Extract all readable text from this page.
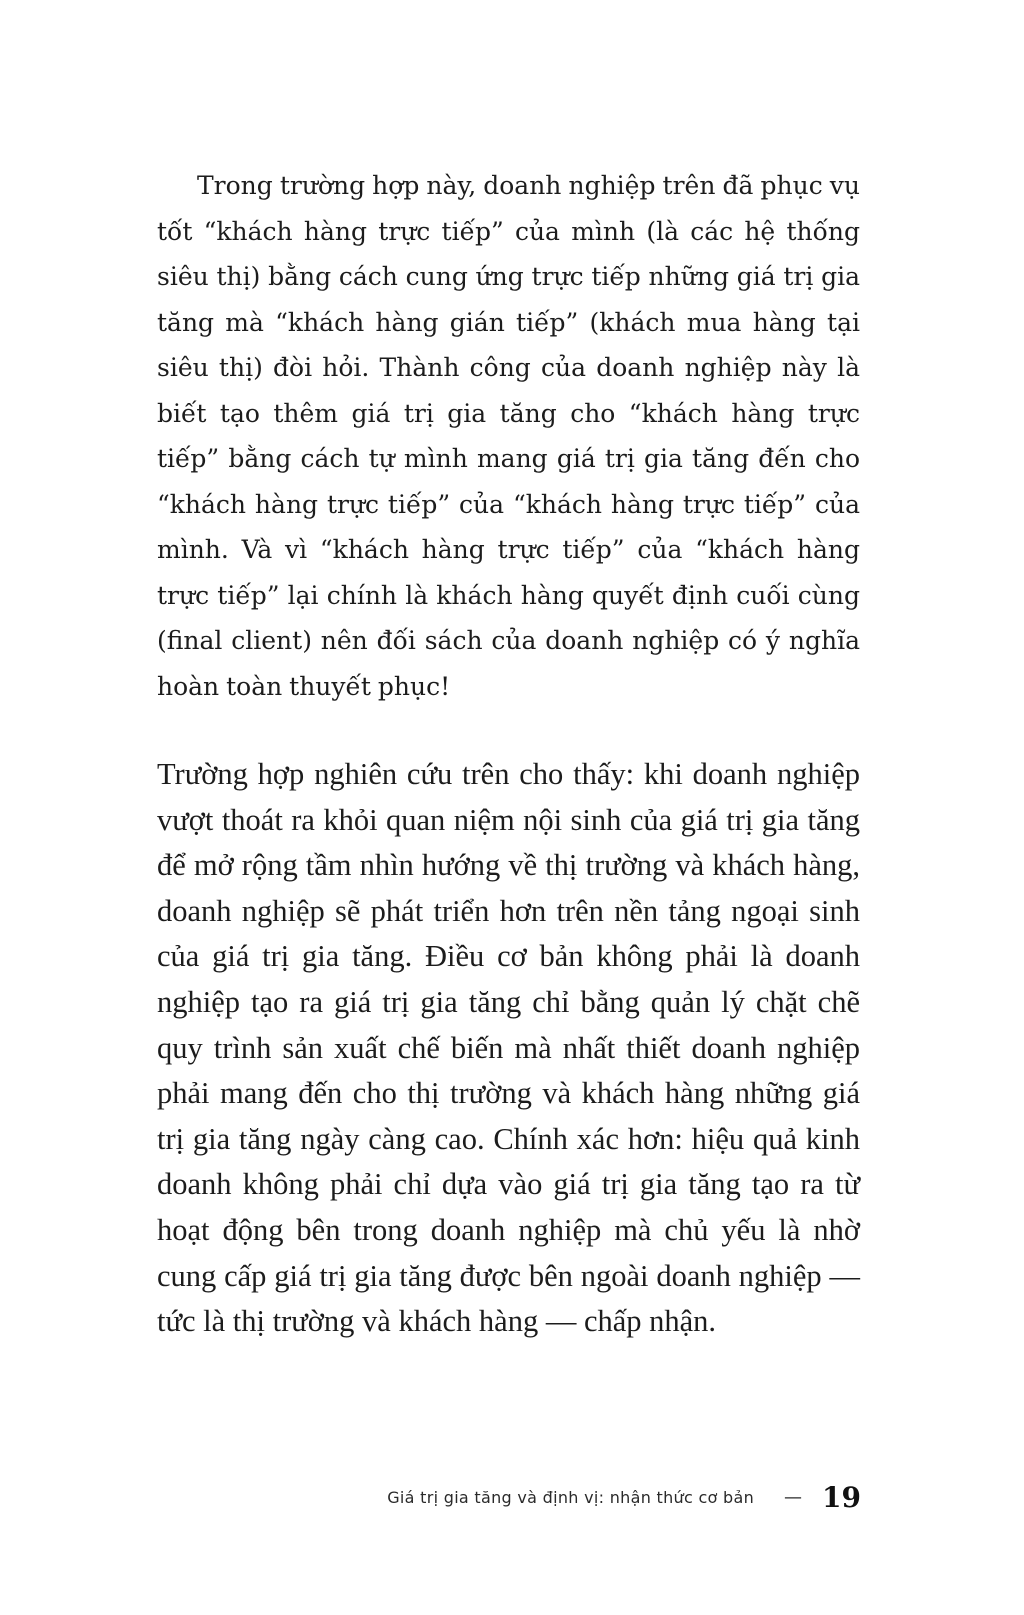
Trong trường hợp này, doanh nghiệp trên đã phục vụ tốt “khách hàng trực tiếp” của mình (là các hệ thống siêu thị) bằng cách cung ứng trực tiếp những giá trị gia tăng mà “khách hàng gián tiếp” (khách mua hàng tại siêu thị) đòi hỏi. Thành công của doanh nghiệp này là biết tạo thêm giá trị gia tăng cho “khách hàng trực tiếp” bằng cách tự mình mang giá trị gia tăng đến cho “khách hàng trực tiếp” của “khách hàng trực tiếp” của mình. Và vì “khách hàng trực tiếp” của “khách hàng trực tiếp” lại chính là khách hàng quyết định cuối cùng (final client) nên đối sách của doanh nghiệp có ý nghĩa hoàn toàn thuyết phục!

Trường hợp nghiên cứu trên cho thấy: khi doanh nghiệp vượt thoát ra khỏi quan niệm nội sinh của giá trị gia tăng để mở rộng tầm nhìn hướng về thị trường và khách hàng, doanh nghiệp sẽ phát triển hơn trên nền tảng ngoại sinh của giá trị gia tăng. Điều cơ bản không phải là doanh nghiệp tạo ra giá trị gia tăng chỉ bằng quản lý chặt chẽ quy trình sản xuất chế biến mà nhất thiết doanh nghiệp phải mang đến cho thị trường và khách hàng những giá trị gia tăng ngày càng cao. Chính xác hơn: hiệu quả kinh doanh không phải chỉ dựa vào giá trị gia tăng tạo ra từ hoạt động bên trong doanh nghiệp mà chủ yếu là nhờ cung cấp giá trị gia tăng được bên ngoài doanh nghiệp — tức là thị trường và khách hàng — chấp nhận.

Giá trị gia tăng và định vị: nhận thức cơ bản — 19
